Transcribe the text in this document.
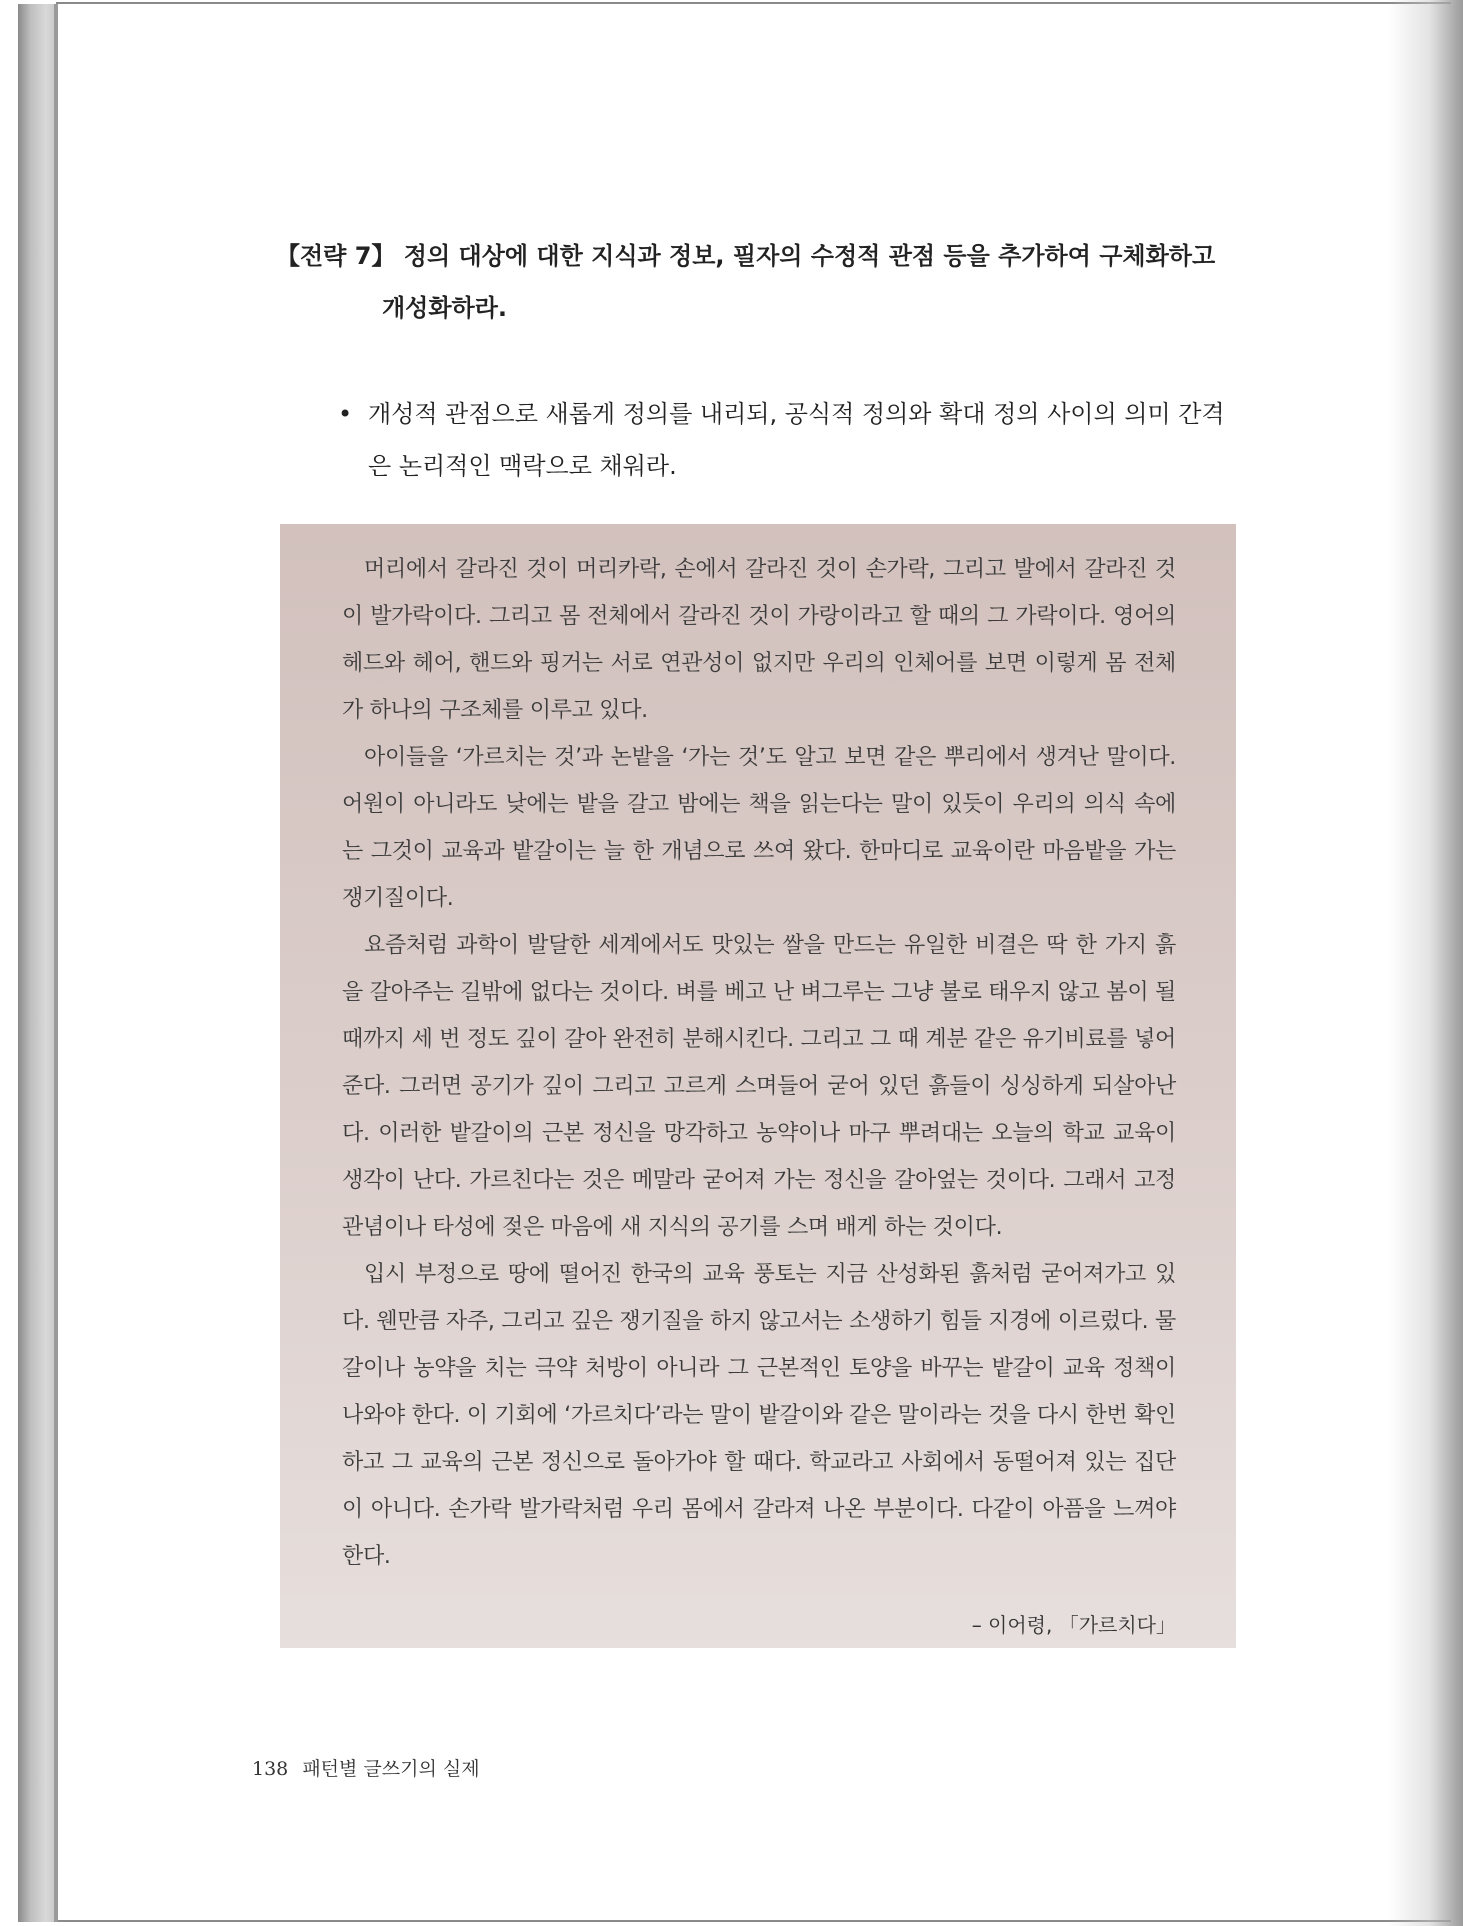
【전략 7】 정의 대상에 대한 지식과 정보, 필자의 수정적 관점 등을 추가하여 구체화하고
개성화하라.
• 개성적 관점으로 새롭게 정의를 내리되, 공식적 정의와 확대 정의 사이의 의미 간격은 논리적인 맥락으로 채워라.

머리에서 갈라진 것이 머리카락, 손에서 갈라진 것이 손가락, 그리고 발에서 갈라진 것이 발가락이다. 그리고 몸 전체에서 갈라진 것이 가랑이라고 할 때의 그 가락이다. 영어의 헤드와 헤어, 핸드와 핑거는 서로 연관성이 없지만 우리의 인체어를 보면 이렇게 몸 전체가 하나의 구조체를 이루고 있다.

아이들을 ‘가르치는 것’과 논밭을 ‘가는 것’도 알고 보면 같은 뿌리에서 생겨난 말이다. 어원이 아니라도 낮에는 밭을 갈고 밤에는 책을 읽는다는 말이 있듯이 우리의 의식 속에는 그것이 교육과 밭갈이는 늘 한 개념으로 쓰여 왔다. 한마디로 교육이란 마음밭을 가는 쟁기질이다.

요즘처럼 과학이 발달한 세계에서도 맛있는 쌀을 만드는 유일한 비결은 딱 한 가지 흙을 갈아주는 길밖에 없다는 것이다. 벼를 베고 난 벼그루는 그냥 불로 태우지 않고 봄이 될 때까지 세 번 정도 깊이 갈아 완전히 분해시킨다. 그리고 그 때 계분 같은 유기비료를 넣어 준다. 그러면 공기가 깊이 그리고 고르게 스며들어 굳어 있던 흙들이 싱싱하게 되살아난다. 이러한 밭갈이의 근본 정신을 망각하고 농약이나 마구 뿌려대는 오늘의 학교 교육이 생각이 난다. 가르친다는 것은 메말라 굳어져 가는 정신을 갈아엎는 것이다. 그래서 고정관념이나 타성에 젖은 마음에 새 지식의 공기를 스며 배게 하는 것이다.

입시 부정으로 땅에 떨어진 한국의 교육 풍토는 지금 산성화된 흙처럼 굳어져가고 있다. 웬만큼 자주, 그리고 깊은 쟁기질을 하지 않고서는 소생하기 힘들 지경에 이르렀다. 물갈이나 농약을 치는 극약 처방이 아니라 그 근본적인 토양을 바꾸는 밭갈이 교육 정책이 나와야 한다. 이 기회에 ‘가르치다’라는 말이 밭갈이와 같은 말이라는 것을 다시 한번 확인하고 그 교육의 근본 정신으로 돌아가야 할 때다. 학교라고 사회에서 동떨어져 있는 집단이 아니다. 손가락 발가락처럼 우리 몸에서 갈라져 나온 부분이다. 다같이 아픔을 느껴야 한다.

– 이어령, 「가르치다」
138 패턴별 글쓰기의 실제
